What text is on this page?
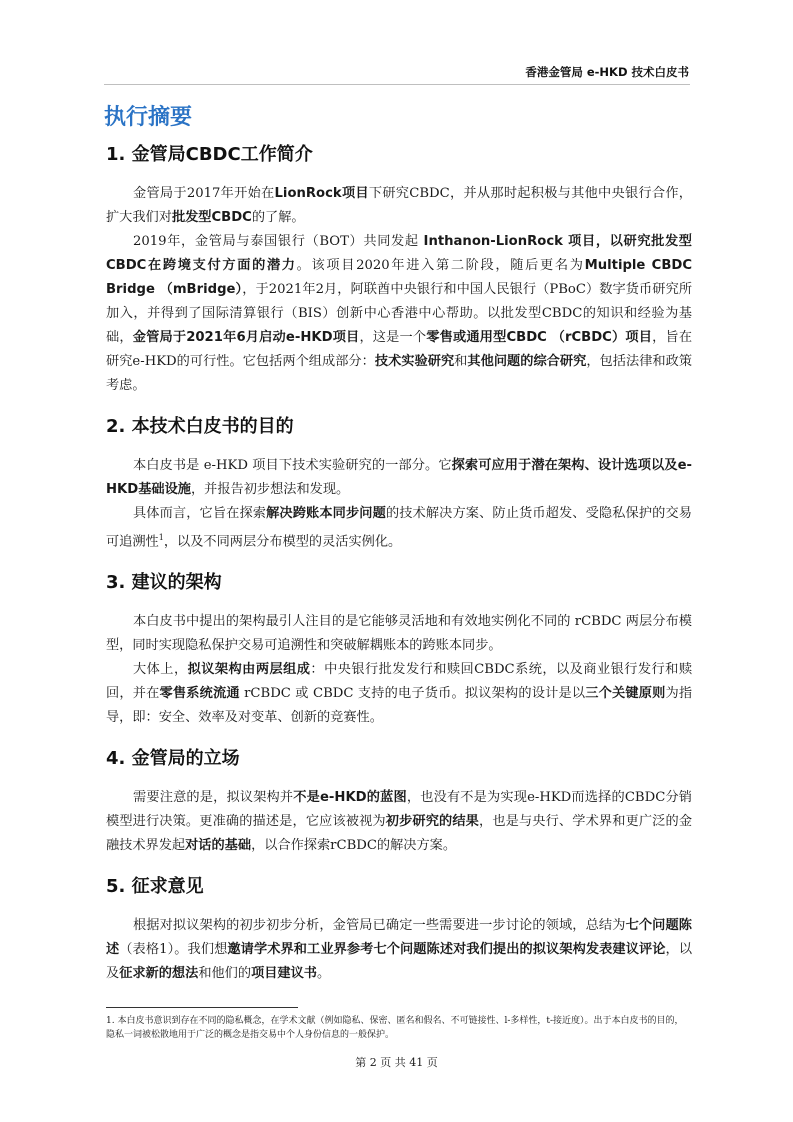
香港金管局 e-HKD 技术白皮书
执行摘要
1. 金管局CBDC工作简介

金管局于2017年开始在LionRock项目下研究CBDC，并从那时起积极与其他中央银行合作，扩大我们对批发型CBDC的了解。

2019年，金管局与泰国银行（BOT）共同发起 Inthanon-LionRock 项目，以研究批发型CBDC在跨境支付方面的潜力。该项目2020年进入第二阶段，随后更名为Multiple CBDC Bridge （mBridge），于2021年2月，阿联酋中央银行和中国人民银行（PBoC）数字货币研究所加入，并得到了国际清算银行（BIS）创新中心香港中心帮助。以批发型CBDC的知识和经验为基础，金管局于2021年6月启动e-HKD项目，这是一个零售或通用型CBDC （rCBDC）项目，旨在研究e-HKD的可行性。它包括两个组成部分：技术实验研究和其他问题的综合研究，包括法律和政策考虑。

2. 本技术白皮书的目的

本白皮书是 e-HKD 项目下技术实验研究的一部分。它探索可应用于潜在架构、设计选项以及e-HKD基础设施，并报告初步想法和发现。

具体而言，它旨在探索解决跨账本同步问题的技术解决方案、防止货币超发、受隐私保护的交易可追溯性$^1$，以及不同两层分布模型的灵活实例化。

3. 建议的架构

本白皮书中提出的架构最引人注目的是它能够灵活地和有效地实例化不同的 rCBDC 两层分布模型，同时实现隐私保护交易可追溯性和突破解耦账本的跨账本同步。

大体上，拟议架构由两层组成：中央银行批发发行和赎回CBDC系统，以及商业银行发行和赎回，并在零售系统流通 rCBDC 或 CBDC 支持的电子货币。拟议架构的设计是以三个关键原则为指导，即：安全、效率及对变革、创新的竞赛性。

4. 金管局的立场

需要注意的是，拟议架构并不是e-HKD的蓝图，也没有不是为实现e-HKD而选择的CBDC分销模型进行决策。更准确的描述是，它应该被视为初步研究的结果，也是与央行、学术界和更广泛的金融技术界发起对话的基础，以合作探索rCBDC的解决方案。

5. 征求意见

根据对拟议架构的初步初步分析，金管局已确定一些需要进一步讨论的领域，总结为七个问题陈述（表格1）。我们想邀请学术界和工业界参考七个问题陈述对我们提出的拟议架构发表建议评论，以及征求新的想法和他们的项目建议书。

1. 本白皮书意识到存在不同的隐私概念，在学术文献（例如隐私、保密、匿名和假名、不可链接性、l-多样性，t-接近度）。出于本白皮书的目的，隐私一词被松散地用于广泛的概念是指交易中个人身份信息的一般保护。
第 2 页 共 41 页
